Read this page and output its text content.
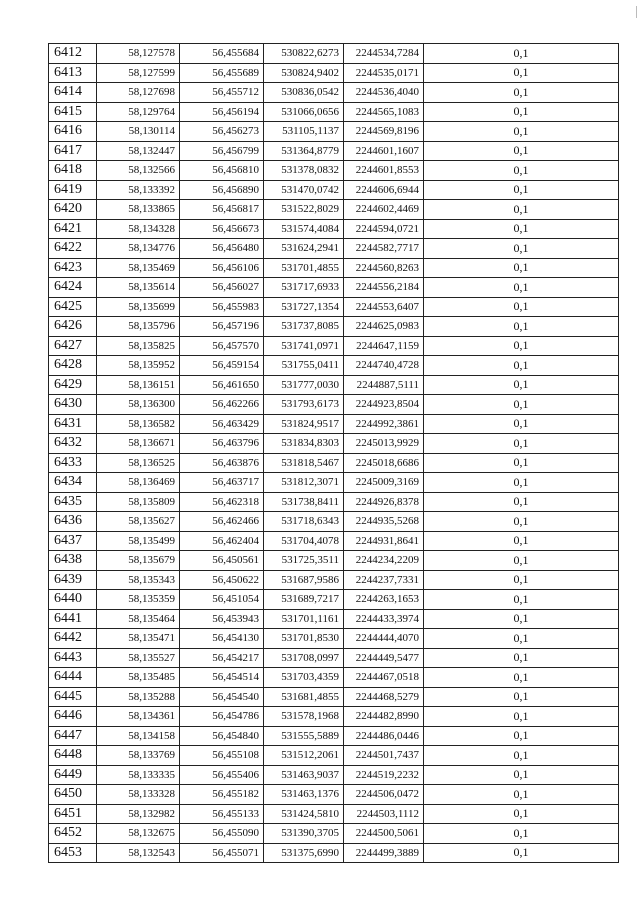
6412	58,127578	56,455684	530822,6273	2244534,7284	0,1
6413	58,127599	56,455689	530824,9402	2244535,0171	0,1
6414	58,127698	56,455712	530836,0542	2244536,4040	0,1
6415	58,129764	56,456194	531066,0656	2244565,1083	0,1
6416	58,130114	56,456273	531105,1137	2244569,8196	0,1
6417	58,132447	56,456799	531364,8779	2244601,1607	0,1
6418	58,132566	56,456810	531378,0832	2244601,8553	0,1
6419	58,133392	56,456890	531470,0742	2244606,6944	0,1
6420	58,133865	56,456817	531522,8029	2244602,4469	0,1
6421	58,134328	56,456673	531574,4084	2244594,0721	0,1
6422	58,134776	56,456480	531624,2941	2244582,7717	0,1
6423	58,135469	56,456106	531701,4855	2244560,8263	0,1
6424	58,135614	56,456027	531717,6933	2244556,2184	0,1
6425	58,135699	56,455983	531727,1354	2244553,6407	0,1
6426	58,135796	56,457196	531737,8085	2244625,0983	0,1
6427	58,135825	56,457570	531741,0971	2244647,1159	0,1
6428	58,135952	56,459154	531755,0411	2244740,4728	0,1
6429	58,136151	56,461650	531777,0030	2244887,5111	0,1
6430	58,136300	56,462266	531793,6173	2244923,8504	0,1
6431	58,136582	56,463429	531824,9517	2244992,3861	0,1
6432	58,136671	56,463796	531834,8303	2245013,9929	0,1
6433	58,136525	56,463876	531818,5467	2245018,6686	0,1
6434	58,136469	56,463717	531812,3071	2245009,3169	0,1
6435	58,135809	56,462318	531738,8411	2244926,8378	0,1
6436	58,135627	56,462466	531718,6343	2244935,5268	0,1
6437	58,135499	56,462404	531704,4078	2244931,8641	0,1
6438	58,135679	56,450561	531725,3511	2244234,2209	0,1
6439	58,135343	56,450622	531687,9586	2244237,7331	0,1
6440	58,135359	56,451054	531689,7217	2244263,1653	0,1
6441	58,135464	56,453943	531701,1161	2244433,3974	0,1
6442	58,135471	56,454130	531701,8530	2244444,4070	0,1
6443	58,135527	56,454217	531708,0997	2244449,5477	0,1
6444	58,135485	56,454514	531703,4359	2244467,0518	0,1
6445	58,135288	56,454540	531681,4855	2244468,5279	0,1
6446	58,134361	56,454786	531578,1968	2244482,8990	0,1
6447	58,134158	56,454840	531555,5889	2244486,0446	0,1
6448	58,133769	56,455108	531512,2061	2244501,7437	0,1
6449	58,133335	56,455406	531463,9037	2244519,2232	0,1
6450	58,133328	56,455182	531463,1376	2244506,0472	0,1
6451	58,132982	56,455133	531424,5810	2244503,1112	0,1
6452	58,132675	56,455090	531390,3705	2244500,5061	0,1
6453	58,132543	56,455071	531375,6990	2244499,3889	0,1
